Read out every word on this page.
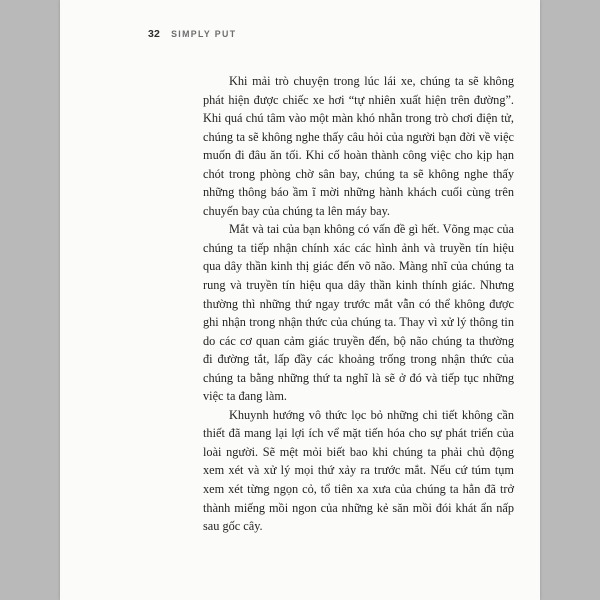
32 SIMPLY PUT

Khi mải trò chuyện trong lúc lái xe, chúng ta sẽ không phát hiện được chiếc xe hơi “tự nhiên xuất hiện trên đường”. Khi quá chú tâm vào một màn khó nhằn trong trò chơi điện tử, chúng ta sẽ không nghe thấy câu hỏi của người bạn đời về việc muốn đi đâu ăn tối. Khi cố hoàn thành công việc cho kịp hạn chót trong phòng chờ sân bay, chúng ta sẽ không nghe thấy những thông báo ầm ĩ mời những hành khách cuối cùng trên chuyến bay của chúng ta lên máy bay.

Mắt và tai của bạn không có vấn đề gì hết. Võng mạc của chúng ta tiếp nhận chính xác các hình ảnh và truyền tín hiệu qua dây thần kinh thị giác đến võ não. Màng nhĩ của chúng ta rung và truyền tín hiệu qua dây thần kinh thính giác. Nhưng thường thì những thứ ngay trước mắt vẫn có thể không được ghi nhận trong nhận thức của chúng ta. Thay vì xử lý thông tin do các cơ quan cảm giác truyền đến, bộ não chúng ta thường đi đường tắt, lấp đầy các khoảng trống trong nhận thức của chúng ta bằng những thứ ta nghĩ là sẽ ở đó và tiếp tục những việc ta đang làm.

Khuynh hướng vô thức lọc bỏ những chi tiết không cần thiết đã mang lại lợi ích vể mặt tiến hóa cho sự phát triển của loài người. Sẽ mệt mỏi biết bao khi chúng ta phải chủ động xem xét và xử lý mọi thứ xảy ra trước mắt. Nếu cứ túm tụm xem xét từng ngọn cỏ, tổ tiên xa xưa của chúng ta hẳn đã trở thành miếng mồi ngon của những kẻ săn mồi đói khát ẩn nấp sau gốc cây.
